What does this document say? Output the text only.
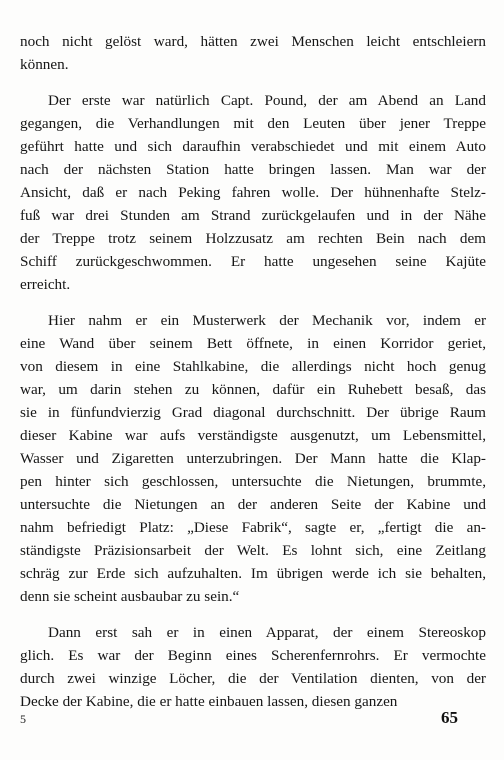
noch nicht gelöst ward, hätten zwei Menschen leicht entschleiern
können.
Der erste war natürlich Capt. Pound, der am Abend an Land
gegangen, die Verhandlungen mit den Leuten über jener Treppe
geführt hatte und sich daraufhin verabschiedet und mit einem Auto
nach der nächsten Station hatte bringen lassen. Man war der
Ansicht, daß er nach Peking fahren wolle. Der hühnenhafte Stelz-
fuß war drei Stunden am Strand zurückgelaufen und in der Nähe
der Treppe trotz seinem Holzzusatz am rechten Bein nach dem
Schiff zurückgeschwommen. Er hatte ungesehen seine Kajüte
erreicht.
Hier nahm er ein Musterwerk der Mechanik vor, indem er
eine Wand über seinem Bett öffnete, in einen Korridor geriet,
von diesem in eine Stahlkabine, die allerdings nicht hoch genug
war, um darin stehen zu können, dafür ein Ruhebett besaß, das
sie in fünfundvierzig Grad diagonal durchschnitt. Der übrige Raum
dieser Kabine war aufs verständigste ausgenutzt, um Lebensmittel,
Wasser und Zigaretten unterzubringen. Der Mann hatte die Klap-
pen hinter sich geschlossen, untersuchte die Nietungen, brummte,
untersuchte die Nietungen an der anderen Seite der Kabine und
nahm befriedigt Platz: „Diese Fabrik“, sagte er, „fertigt die an-
ständigste Präzisionsarbeit der Welt. Es lohnt sich, eine Zeitlang
schräg zur Erde sich aufzuhalten. Im übrigen werde ich sie behalten,
denn sie scheint ausbaubar zu sein.“
Dann erst sah er in einen Apparat, der einem Stereoskop
glich. Es war der Beginn eines Scherenfernrohrs. Er vermochte
durch zwei winzige Löcher, die der Ventilation dienten, von der
Decke der Kabine, die er hatte einbauen lassen, diesen ganzen
5	65
